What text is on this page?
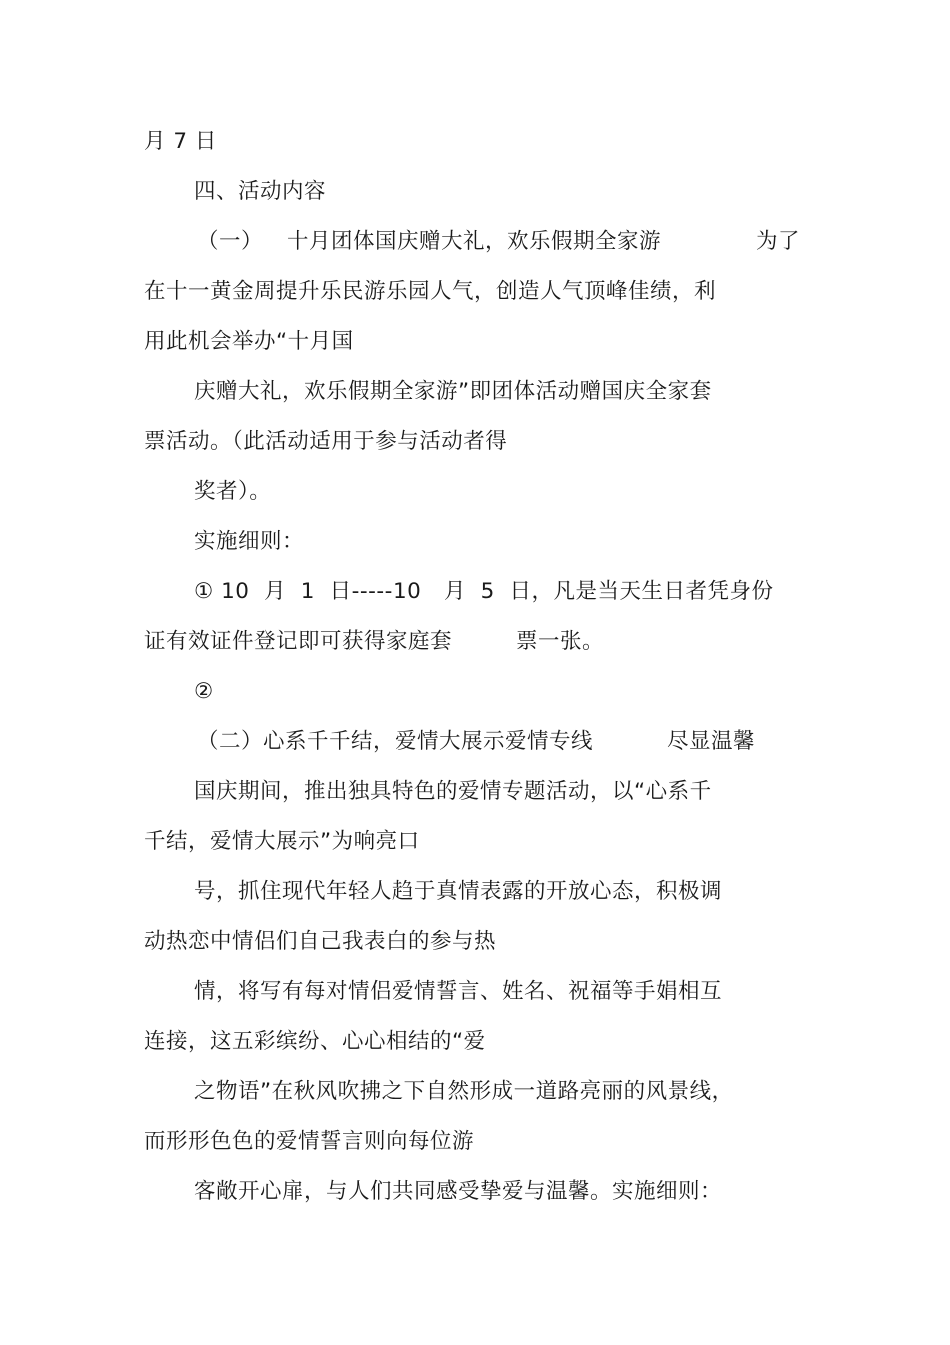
月 7 日

四、活动内容

（一）

十月团体国庆赠大礼，欢乐假期全家游

	为了

在十一黄金周提升乐民游乐园人气，创造人气顶峰佳绩，利

用此机会举办“十月国

庆赠大礼，欢乐假期全家游”即团体活动赠国庆全家套

票活动。（此活动适用于参与活动者得

奖者）。

实施细则：

① 10  月  1  日-----10

月  5  日，凡是当天生日者凭身份

证有效证件登记即可获得家庭套

	票一张。

②

（二）心系千千结，爱情大展示爱情专线

	尽显温馨

国庆期间，推出独具特色的爱情专题活动，以“心系千

千结，爱情大展示”为响亮口

号，抓住现代年轻人趋于真情表露的开放心态，积极调

动热恋中情侣们自己我表白的参与热

情，将写有每对情侣爱情誓言、姓名、祝福等手娟相互

连接，这五彩缤纷、心心相结的“爱

之物语”在秋风吹拂之下自然形成一道路亮丽的风景线，

而形形色色的爱情誓言则向每位游

客敞开心扉，与人们共同感受挚爱与温馨。实施细则：
